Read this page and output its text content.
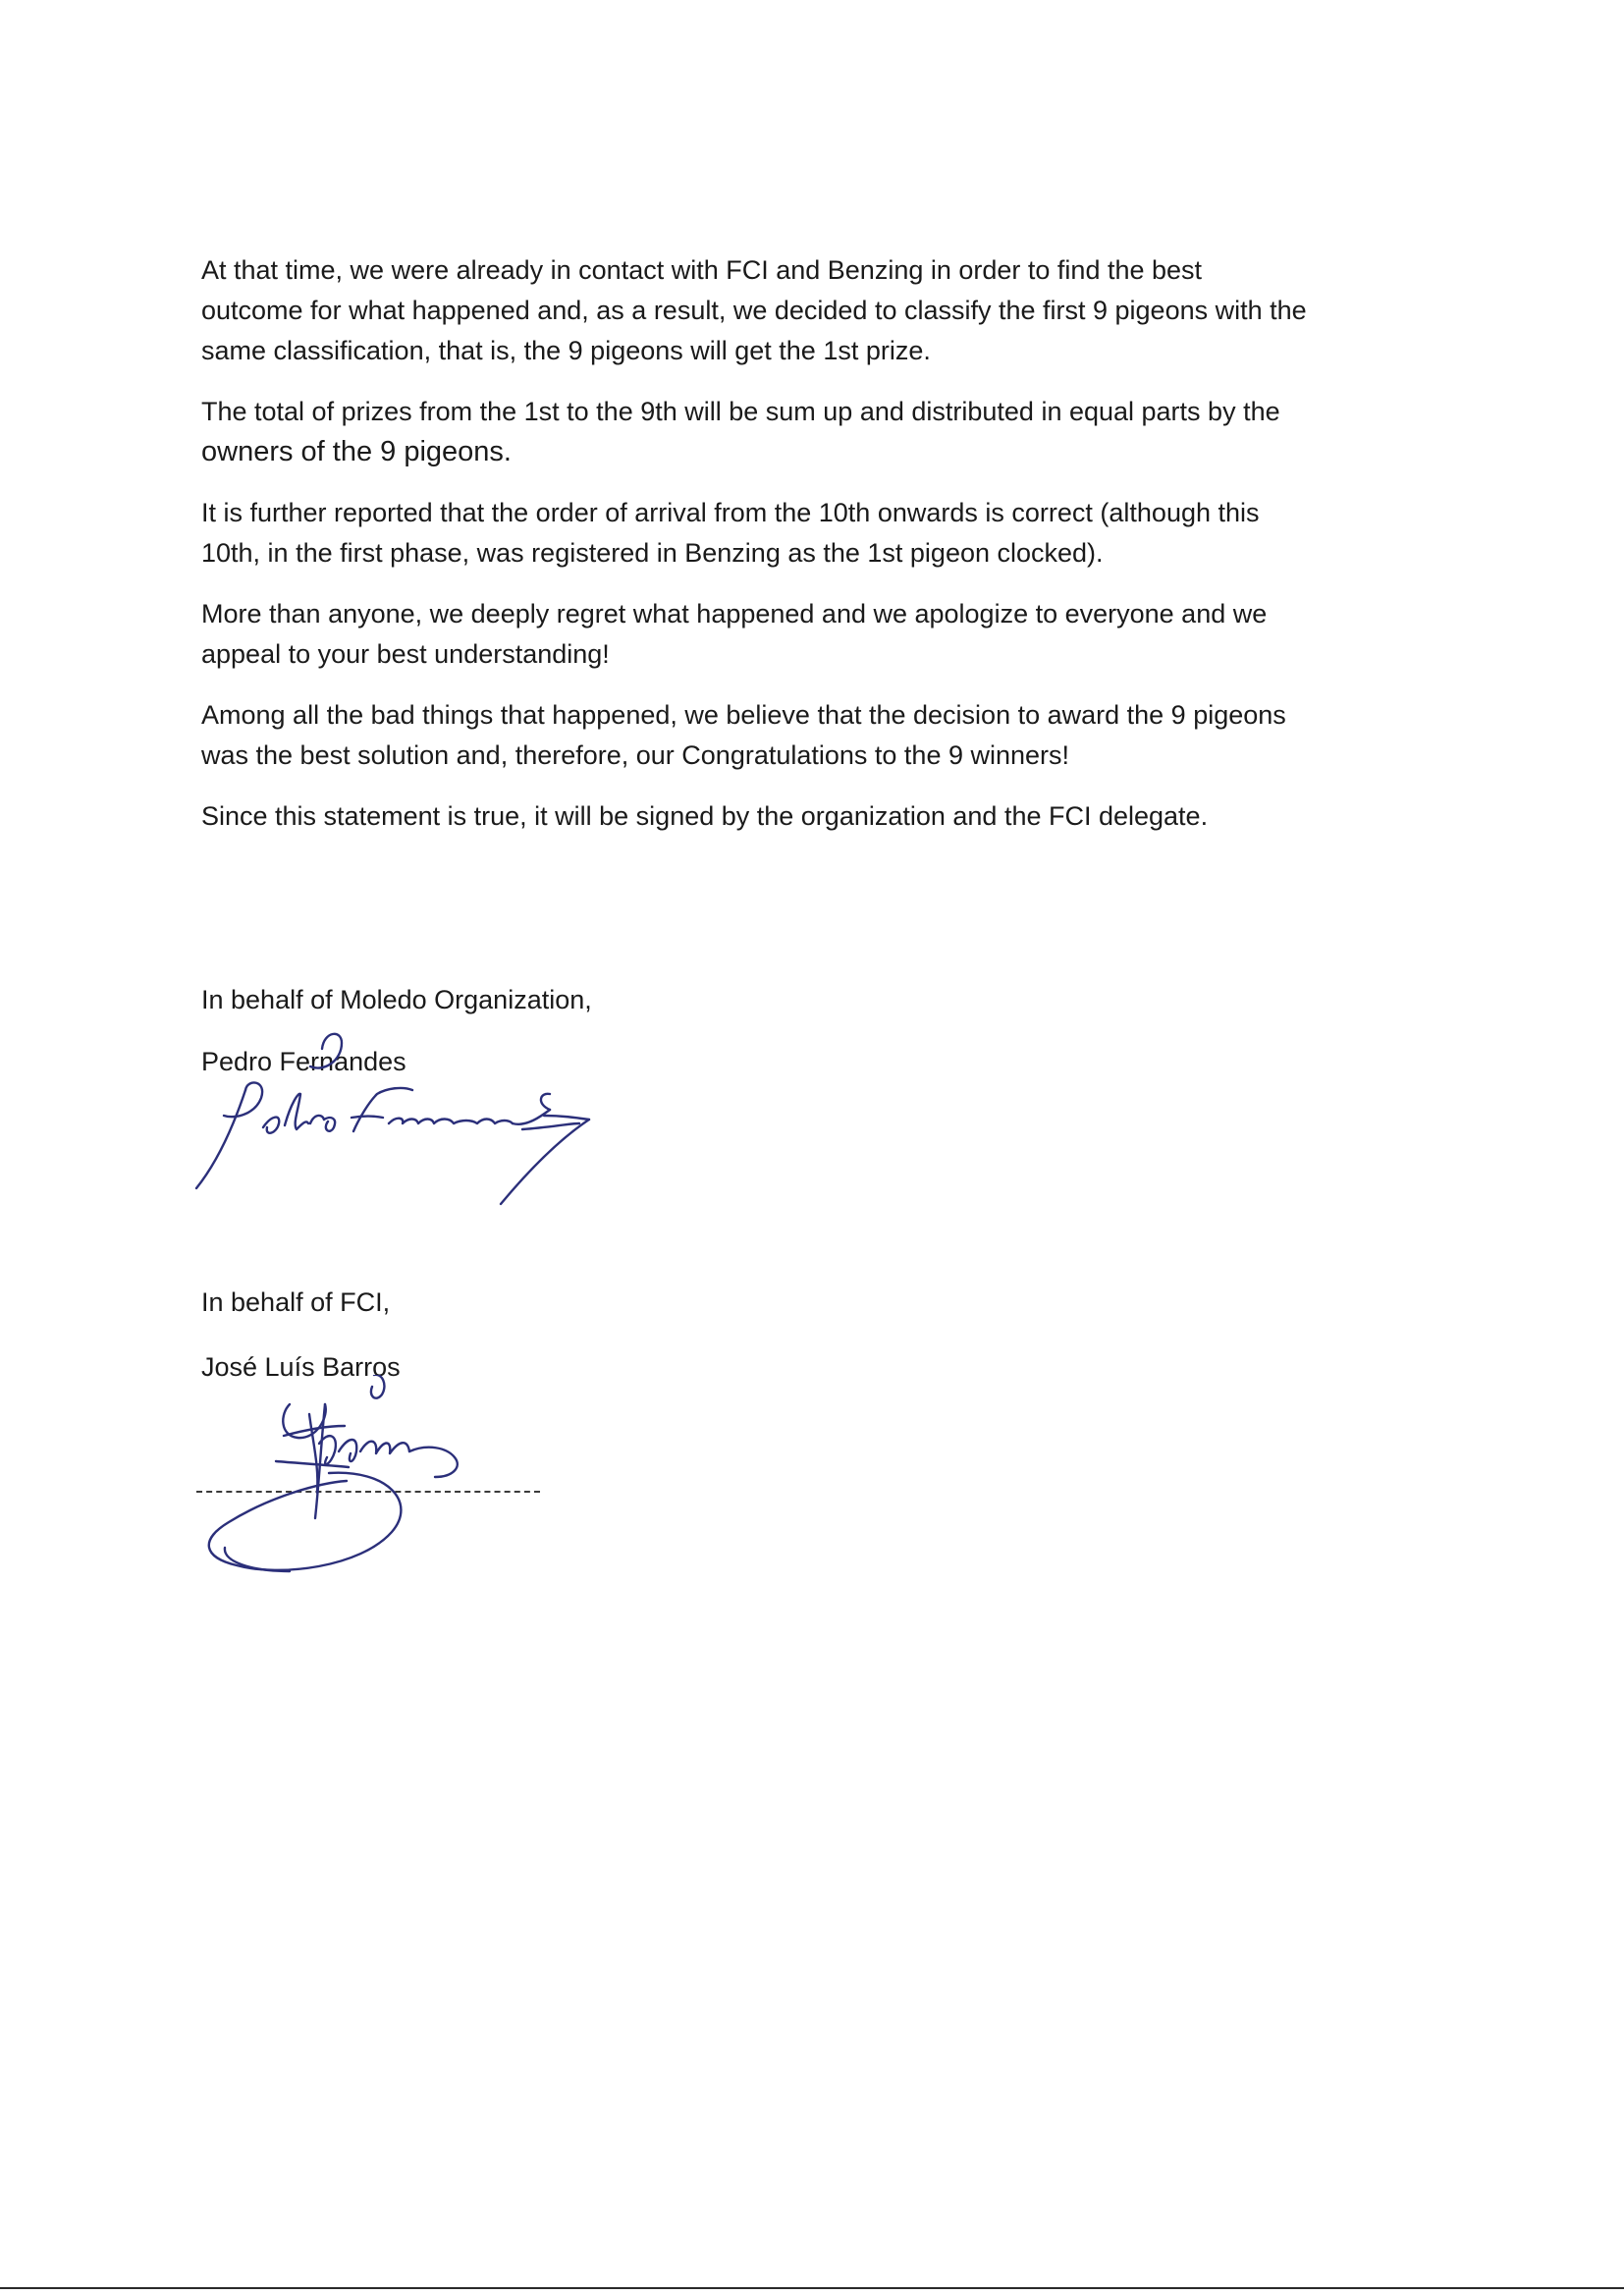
At that time, we were already in contact with FCI and Benzing in order to find the best
outcome for what happened and, as a result, we decided to classify the first 9 pigeons with the
same classification, that is, the 9 pigeons will get the 1st prize.

The total of prizes from the 1st to the 9th will be sum up and distributed in equal parts by the
owners of the 9 pigeons.

It is further reported that the order of arrival from the 10th onwards is correct (although this
10th, in the first phase, was registered in Benzing as the 1st pigeon clocked).

More than anyone, we deeply regret what happened and we apologize to everyone and we
appeal to your best understanding!

Among all the bad things that happened, we believe that the decision to award the 9 pigeons
was the best solution and, therefore, our Congratulations to the 9 winners!

Since this statement is true, it will be signed by the organization and the FCI delegate.

In behalf of Moledo Organization,
Pedro Fernandes
In behalf of FCI,
José Luís Barros
